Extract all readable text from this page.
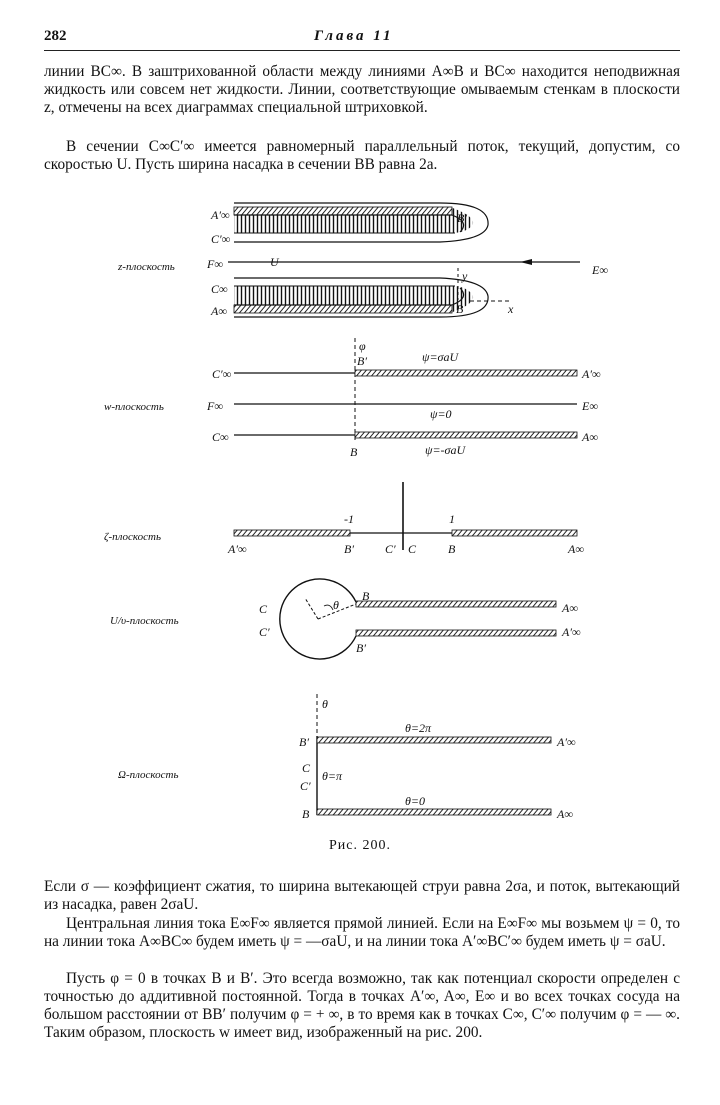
282	Глава 11

линии BC∞. В заштрихованной области между линиями A∞B и BC∞ находится неподвижная жидкость или совсем нет жидкости. Линии, соответствующие омываемым стенкам в плоскости z, отмечены на всех диаграммах специальной штриховкой.

В сечении C∞C′∞ имеется равномерный параллельный поток, текущий, допустим, со скоростью U. Пусть ширина насадка в сечении BB равна 2a.

z-плоскость
A′∞
C′∞
F∞	U
E∞
C∞
A∞
B′
B
y
x
w-плоскость
φ
B′
C′∞
F∞
C∞
B
ψ=σaU
ψ=0
ψ=-σaU
A′∞
E∞
A∞
ζ-плоскость
-1	1
A′∞	B′	C′ C	B	A∞
U/υ-плоскость
C
C′
θ
B
B′
A∞
A′∞
Ω-плоскость
θ
B′
C
C′
B
θ=2π
θ=π
θ=0
A′∞
A∞
Рис. 200.

Если σ — коэффициент сжатия, то ширина вытекающей струи равна 2σa, и поток, вытекающий из насадка, равен 2σaU.

Центральная линия тока E∞F∞ является прямой линией. Если на E∞F∞ мы возьмем ψ = 0, то на линии тока A∞BC∞ будем иметь ψ = —σaU, и на линии тока A′∞BC′∞ будем иметь ψ = σaU.

Пусть φ = 0 в точках B и B′. Это всегда возможно, так как потенциал скорости определен с точностью до аддитивной постоянной. Тогда в точках A′∞, A∞, E∞ и во всех точках сосуда на большом расстоянии от BB′ получим φ = + ∞, в то время как в точках C∞, C′∞ получим φ = — ∞. Таким образом, плоскость w имеет вид, изображенный на рис. 200.
